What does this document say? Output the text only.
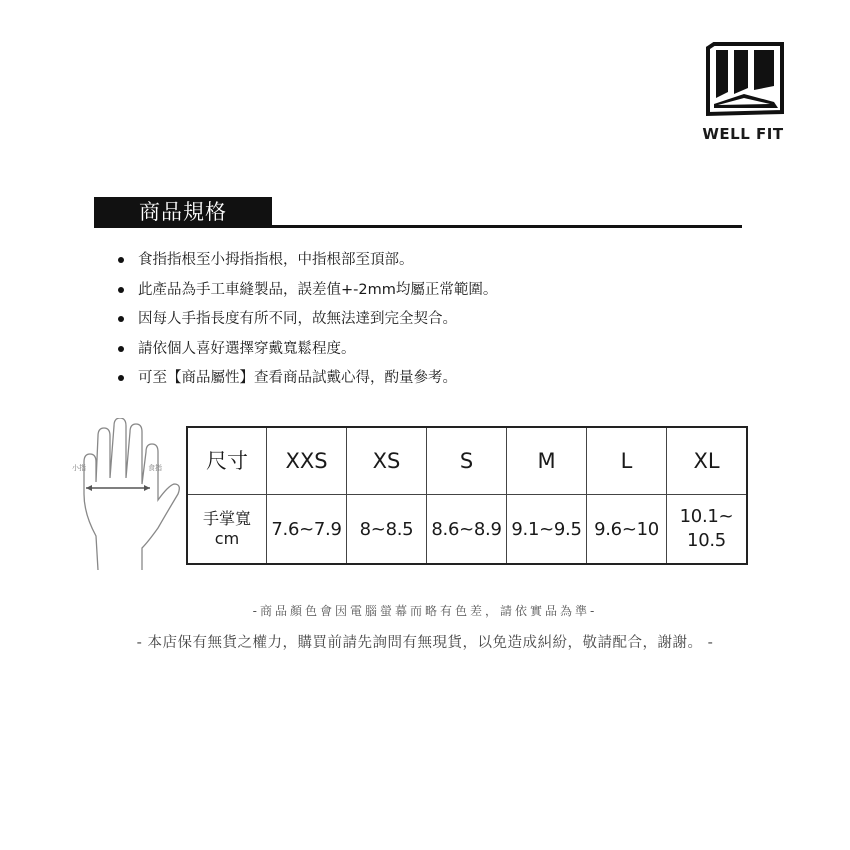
WELL FIT
商品規格
食指指根至小拇指指根，中指根部至頂部。
此產品為手工車縫製品，誤差值+-2mm均屬正常範圍。
因每人手指長度有所不同，故無法達到完全契合。
請依個人喜好選擇穿戴寬鬆程度。
可至【商品屬性】查看商品試戴心得，酌量參考。
小指	食指 尺寸	XXS	XS	S	M	L	XL

手掌寬
cm	7.6~7.9	8~8.5	8.6~8.9	9.1~9.5	9.6~10	10.1~ 10.5
-商品顏色會因電腦螢幕而略有色差，請依實品為準-
- 本店保有無貨之權力，購買前請先詢問有無現貨，以免造成糾紛，敬請配合，謝謝。 -
